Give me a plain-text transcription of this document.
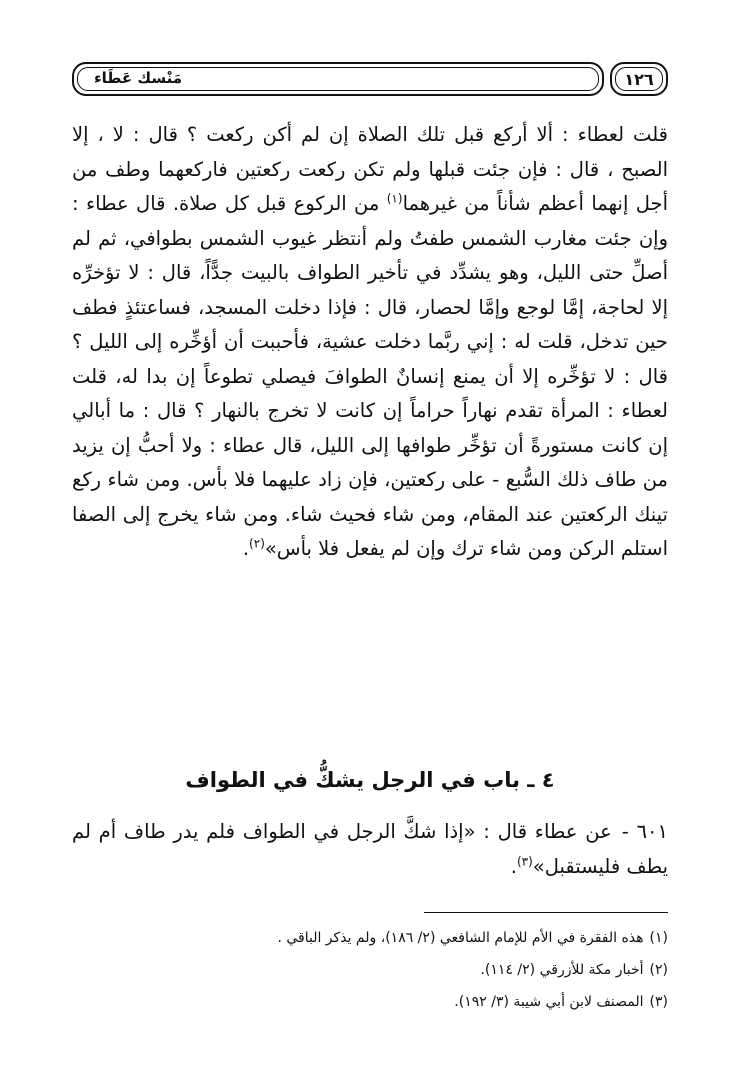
مَنْسك عَطَاء	١٢٦
قلت لعطاء : ألا أركع قبل تلك الصلاة إن لم أكن ركعت ؟ قال : لا ، إلا الصبح ، قال : فإن جئت قبلها ولم تكن ركعت ركعتين فاركعهما وطف من أجل إنهما أعظم شأناً من غيرهما$^{(١)}$ من الركوع قبل كل صلاة. قال عطاء : وإن جئت مغارب الشمس طفتُ ولم أنتظر غيوب الشمس بطوافي، ثم لم أصلِّ حتى الليل، وهو يشدِّد في تأخير الطواف بالبيت جدًّاً، قال : لا تؤخرِّه إلا لحاجة، إمَّا لوجع وإمَّا لحصار، قال : فإذا دخلت المسجد، فساعتئذٍ فطف حين تدخل، قلت له : إني ربَّما دخلت عشية، فأحببت أن أؤخِّره إلى الليل ؟ قال : لا تؤخِّره إلا أن يمنع إنسانٌ الطوافَ فيصلي تطوعاً إن بدا له، قلت لعطاء : المرأة تقدم نهاراً حراماً إن كانت لا تخرج بالنهار ؟ قال : ما أبالي إن كانت مستورةً أن تؤخِّر طوافها إلى الليل، قال عطاء : ولا أحبُّ إن يزيد من طاف ذلك السُّبع - على ركعتين، فإن زاد عليهما فلا بأس. ومن شاء ركع تينك الركعتين عند المقام، ومن شاء فحيث شاء. ومن شاء يخرج إلى الصفا استلم الركن ومن شاء ترك وإن لم يفعل فلا بأس»$^{(٢)}$.
٤ ـ باب في الرجل يشكُّ في الطواف
٦٠١ -عن عطاء قال : «إذا شكَّ الرجل في الطواف فلم يدر طاف أم لم يطف فليستقبل»$^{(٣)}$.
(١)هذه الفقرة في الأم للإمام الشافعي (٢/ ١٨٦)، ولم يذكر الباقي .
(٢)أخبار مكة للأزرقي (٢/ ١١٤).
(٣)المصنف لابن أبي شيبة (٣/ ١٩٢).
